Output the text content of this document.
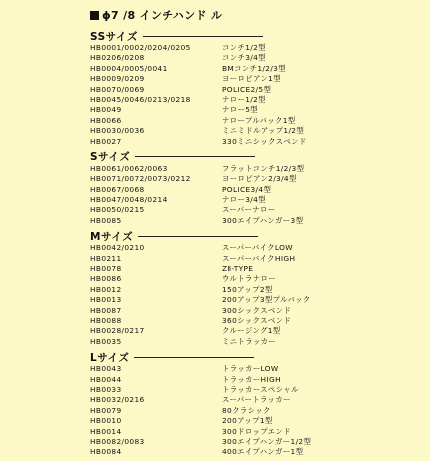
ϕ7 /8 インチハンド ル
SSサイズ
HB0001/0002/0204/0205	コンチ1/2型
HB0206/0208	コンチ3/4型
HB0004/0005/0041	BMコンチ1/2/3型
HB0009/0209	ヨーロピアン1型
HB0070/0069	POLICE2/5型
HB0045/0046/0213/0218	ナロー1/2型
HB0049	ナロー5型
HB0066	ナロープルバック1型
HB0030/0036	ミニミドルアップ1/2型
HB0027	330ミニシックスベンド
Sサイズ
HB0061/0062/0063	フラットコンチ1/2/3型
HB0071/0072/0073/0212	ヨーロピアン2/3/4型
HB0067/0068	POLICE3/4型
HB0047/0048/0214	ナロー3/4型
HB0050/0215	スーパーナロー
HB0085	300エイプハンガー3型
Mサイズ
HB0042/0210	スーパーバイクLOW
HB0211	スーパーバイクHIGH
HB0078	ZⅡ-TYPE
HB0086	ウルトラナロー
HB0012	150アップ2型
HB0013	200アップ3型プルバック
HB0087	300シックスベンド
HB0088	360シックスベンド
HB0028/0217	クルージング1型
HB0035	ミニトラッカー
Lサイズ
HB0043	トラッカーLOW
HB0044	トラッカーHIGH
HB0033	トラッカースペシャル
HB0032/0216	スーパートラッカー
HB0079	80クラシック
HB0010	200アップ1型
HB0014	300ドロップエンド
HB0082/0083	300エイプハンガー1/2型
HB0084	400エイプハンガー1型
